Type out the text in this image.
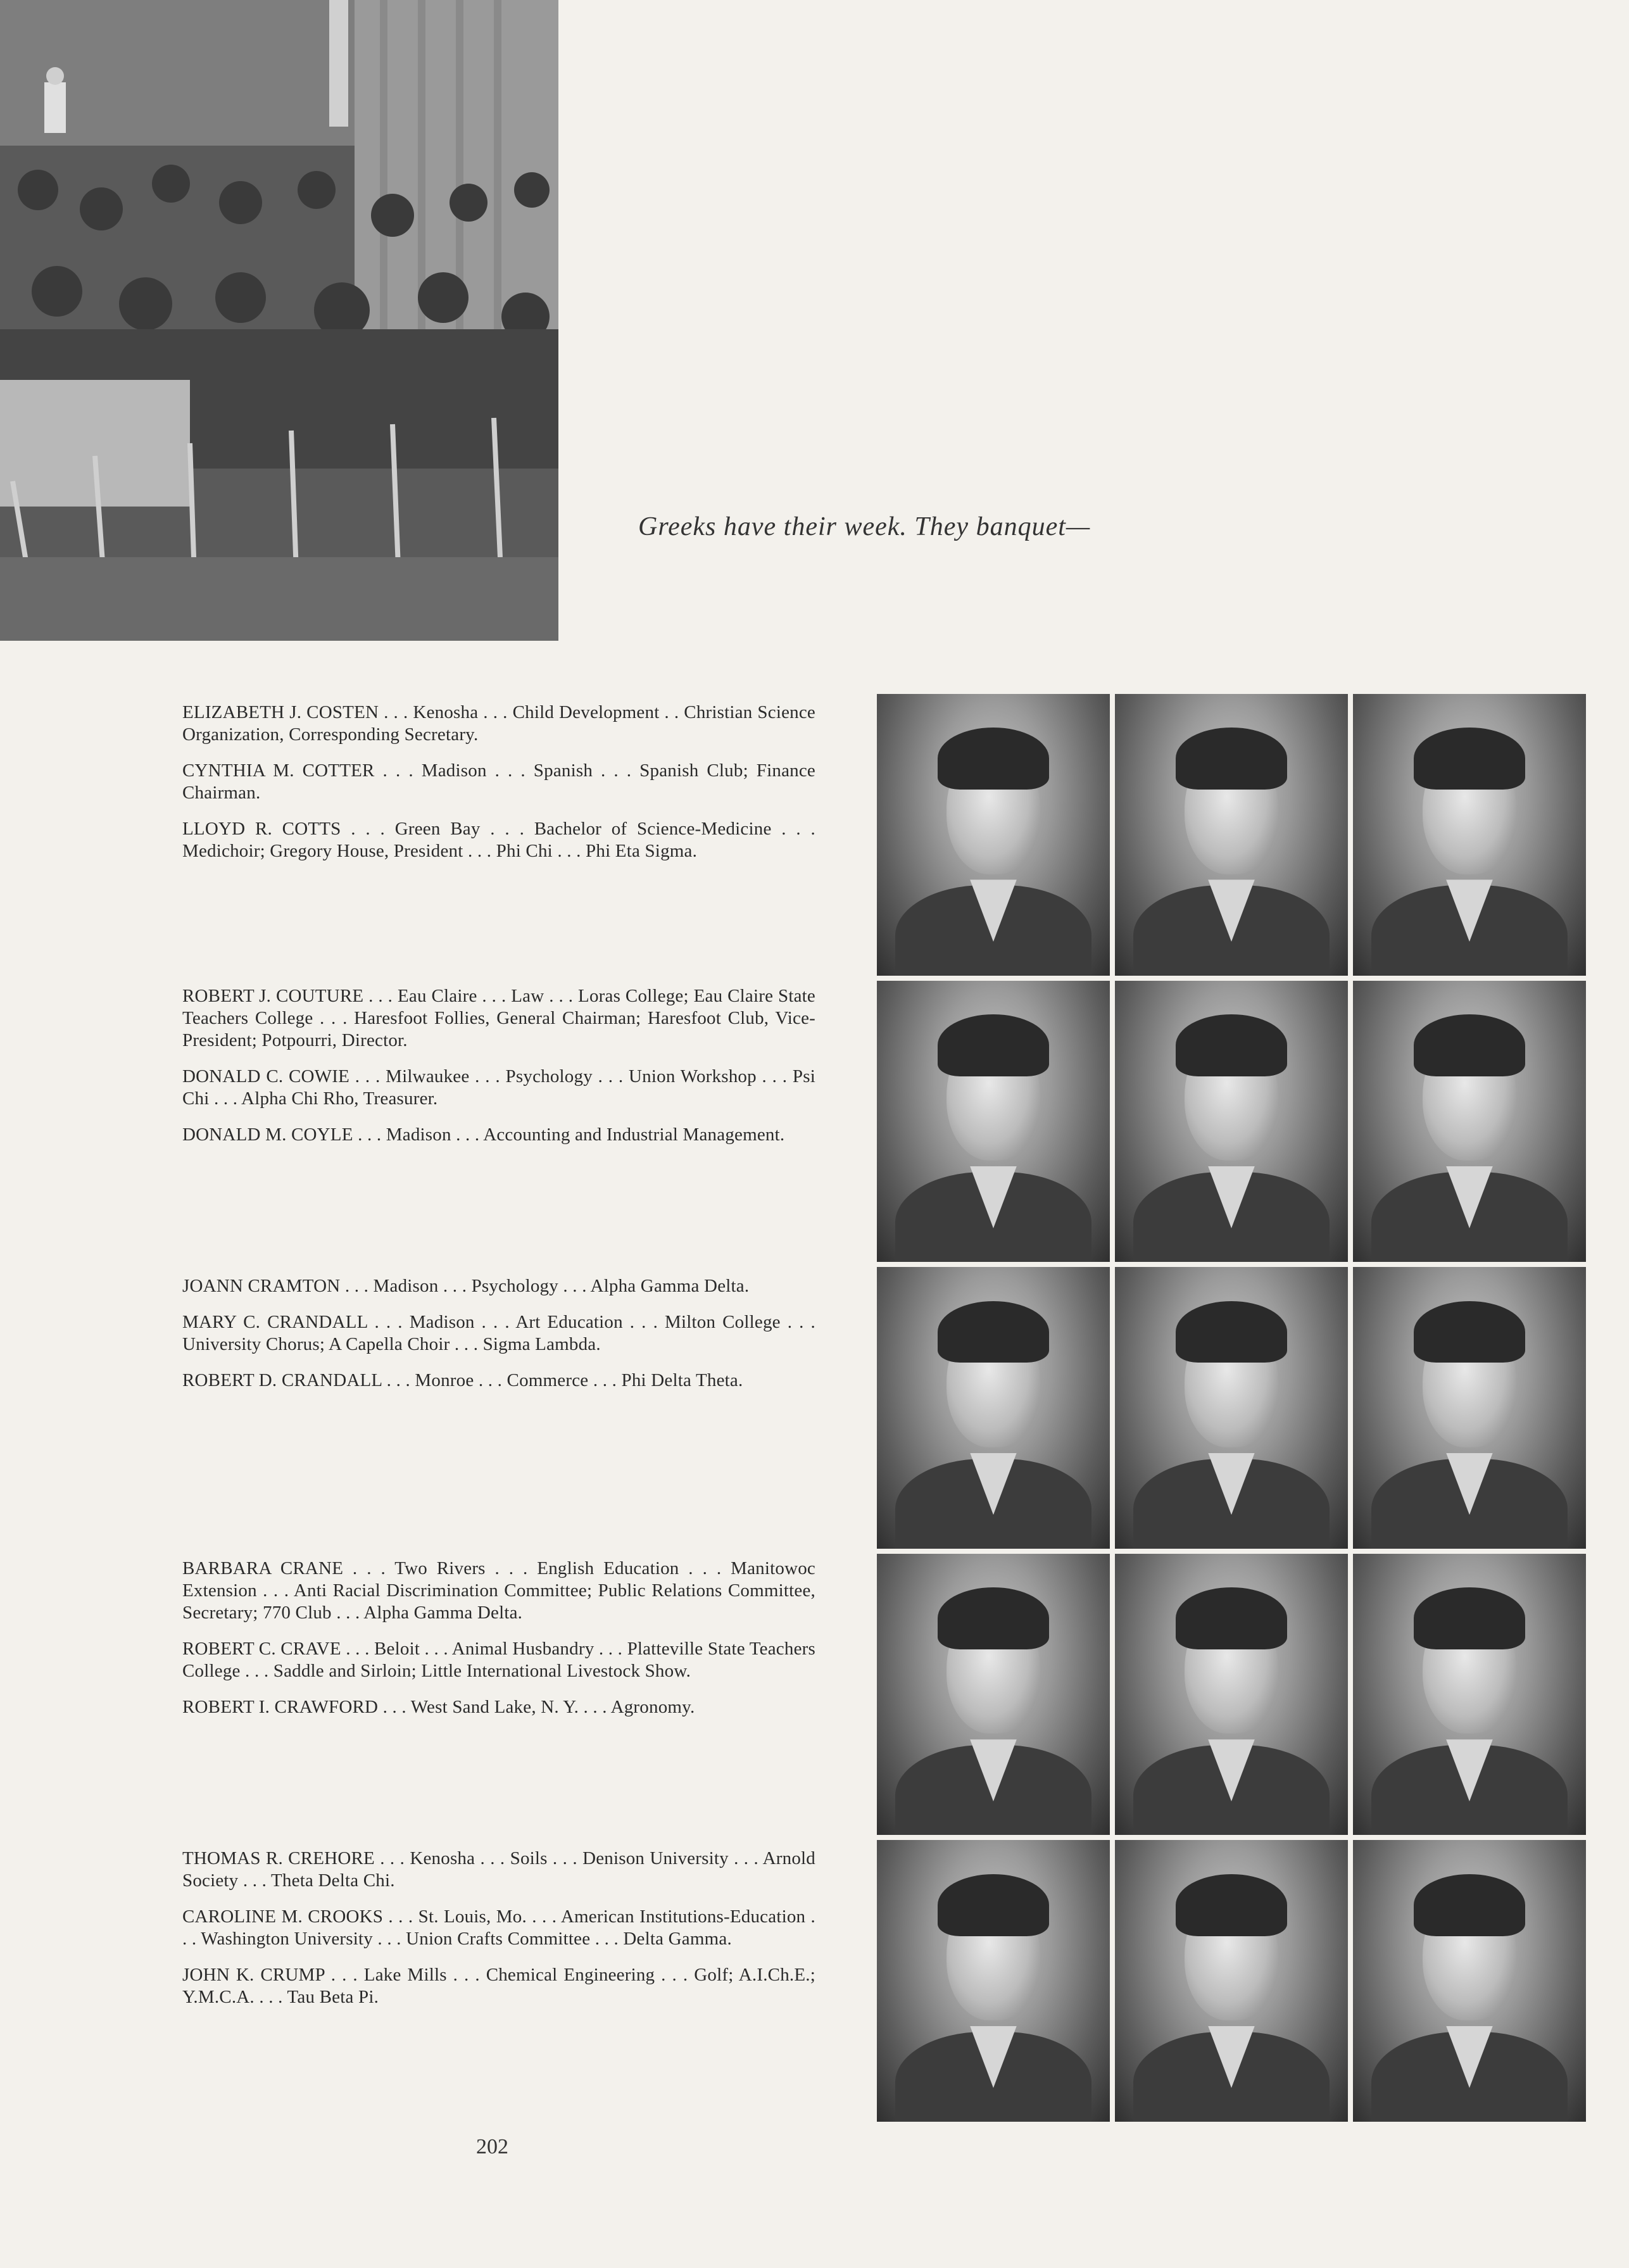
Greeks have their week. They banquet—

ELIZABETH J. COSTEN . . . Kenosha . . . Child Development . . Christian Science Organization, Corresponding Secretary.

CYNTHIA M. COTTER . . . Madison . . . Spanish . . . Spanish Club; Finance Chairman.

LLOYD R. COTTS . . . Green Bay . . . Bachelor of Science-Medicine . . . Medichoir; Gregory House, President . . . Phi Chi . . . Phi Eta Sigma.

ROBERT J. COUTURE . . . Eau Claire . . . Law . . . Loras College; Eau Claire State Teachers College . . . Haresfoot Follies, General Chairman; Haresfoot Club, Vice-President; Potpourri, Director.

DONALD C. COWIE . . . Milwaukee . . . Psychology . . . Union Workshop . . . Psi Chi . . . Alpha Chi Rho, Treasurer.

DONALD M. COYLE . . . Madison . . . Accounting and Industrial Management.

JOANN CRAMTON . . . Madison . . . Psychology . . . Alpha Gamma Delta.

MARY C. CRANDALL . . . Madison . . . Art Education . . . Milton College . . . University Chorus; A Capella Choir . . . Sigma Lambda.

ROBERT D. CRANDALL . . . Monroe . . . Commerce . . . Phi Delta Theta.

BARBARA CRANE . . . Two Rivers . . . English Education . . . Manitowoc Extension . . . Anti Racial Discrimination Committee; Public Relations Committee, Secretary; 770 Club . . . Alpha Gamma Delta.

ROBERT C. CRAVE . . . Beloit . . . Animal Husbandry . . . Platteville State Teachers College . . . Saddle and Sirloin; Little International Livestock Show.

ROBERT I. CRAWFORD . . . West Sand Lake, N. Y. . . . Agronomy.

THOMAS R. CREHORE . . . Kenosha . . . Soils . . . Denison University . . . Arnold Society . . . Theta Delta Chi.

CAROLINE M. CROOKS . . . St. Louis, Mo. . . . American Institutions-Education . . . Washington University . . . Union Crafts Committee . . . Delta Gamma.

JOHN K. CRUMP . . . Lake Mills . . . Chemical Engineering . . . Golf; A.I.Ch.E.; Y.M.C.A. . . . Tau Beta Pi.

202
